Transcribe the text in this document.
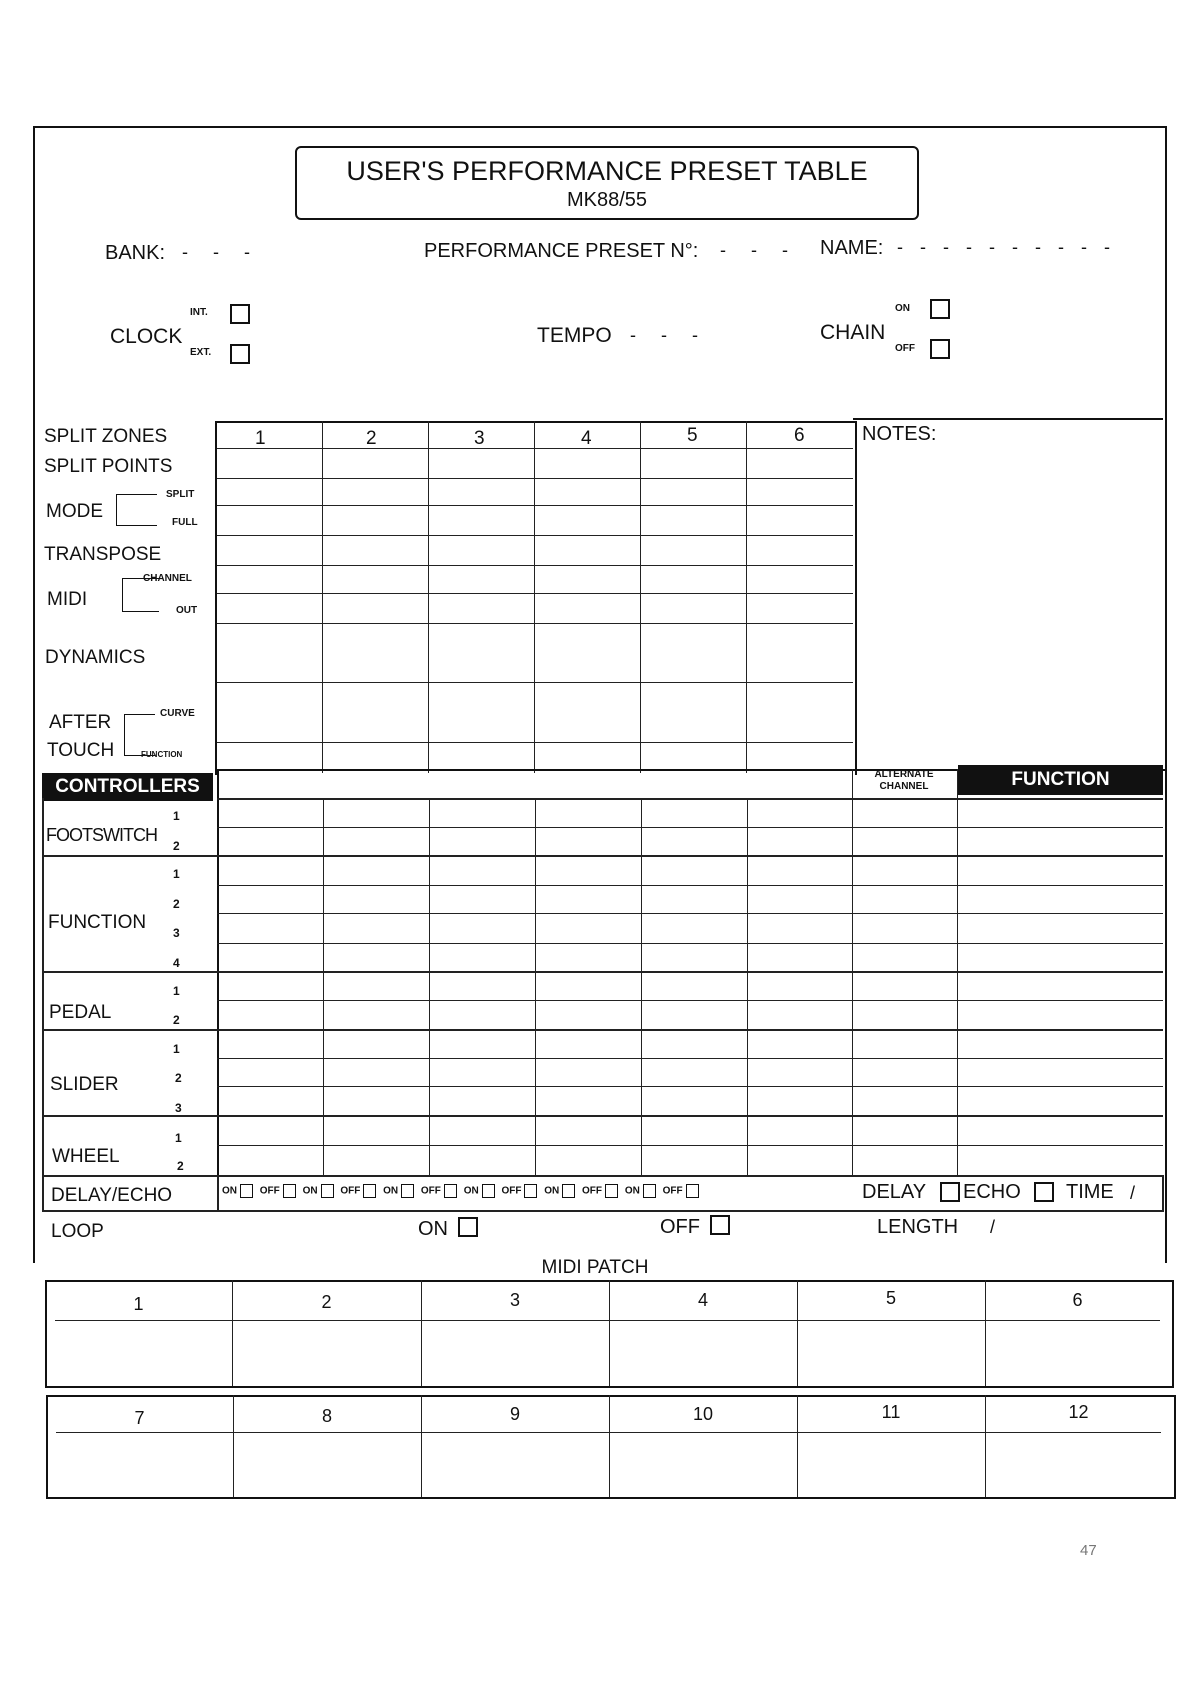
USER'S PERFORMANCE PRESET TABLE
MK88/55
BANK: - - -	PERFORMANCE PRESET N°: - - - NAME: - - - - - - - - - -
CLOCK
INT.
EXT.
TEMPO - - -	CHAIN
ON
OFF
NOTES:
1	2	3	4	5	6
SPLIT ZONES
SPLIT POINTS
MODE
SPLIT
FULL
TRANSPOSE
MIDI
CHANNEL
OUT
DYNAMICS
AFTER
TOUCH
CURVE
FUNCTION
CONTROLLERS
ALTERNATE CHANNEL	FUNCTION
FOOTSWITCH
1
2
FUNCTION
1
2
3
4
PEDAL
1
2
SLIDER
1
2
3
WHEEL
1
2
DELAY/ECHO	ON OFF ON OFF ON OFF ON OFF ON OFF ON OFF	DELAY ECHO TIME /
LOOP	ON	OFF	LENGTH /
MIDI PATCH
1	2	3	4	5	6
7	8	9	10	11	12
47
